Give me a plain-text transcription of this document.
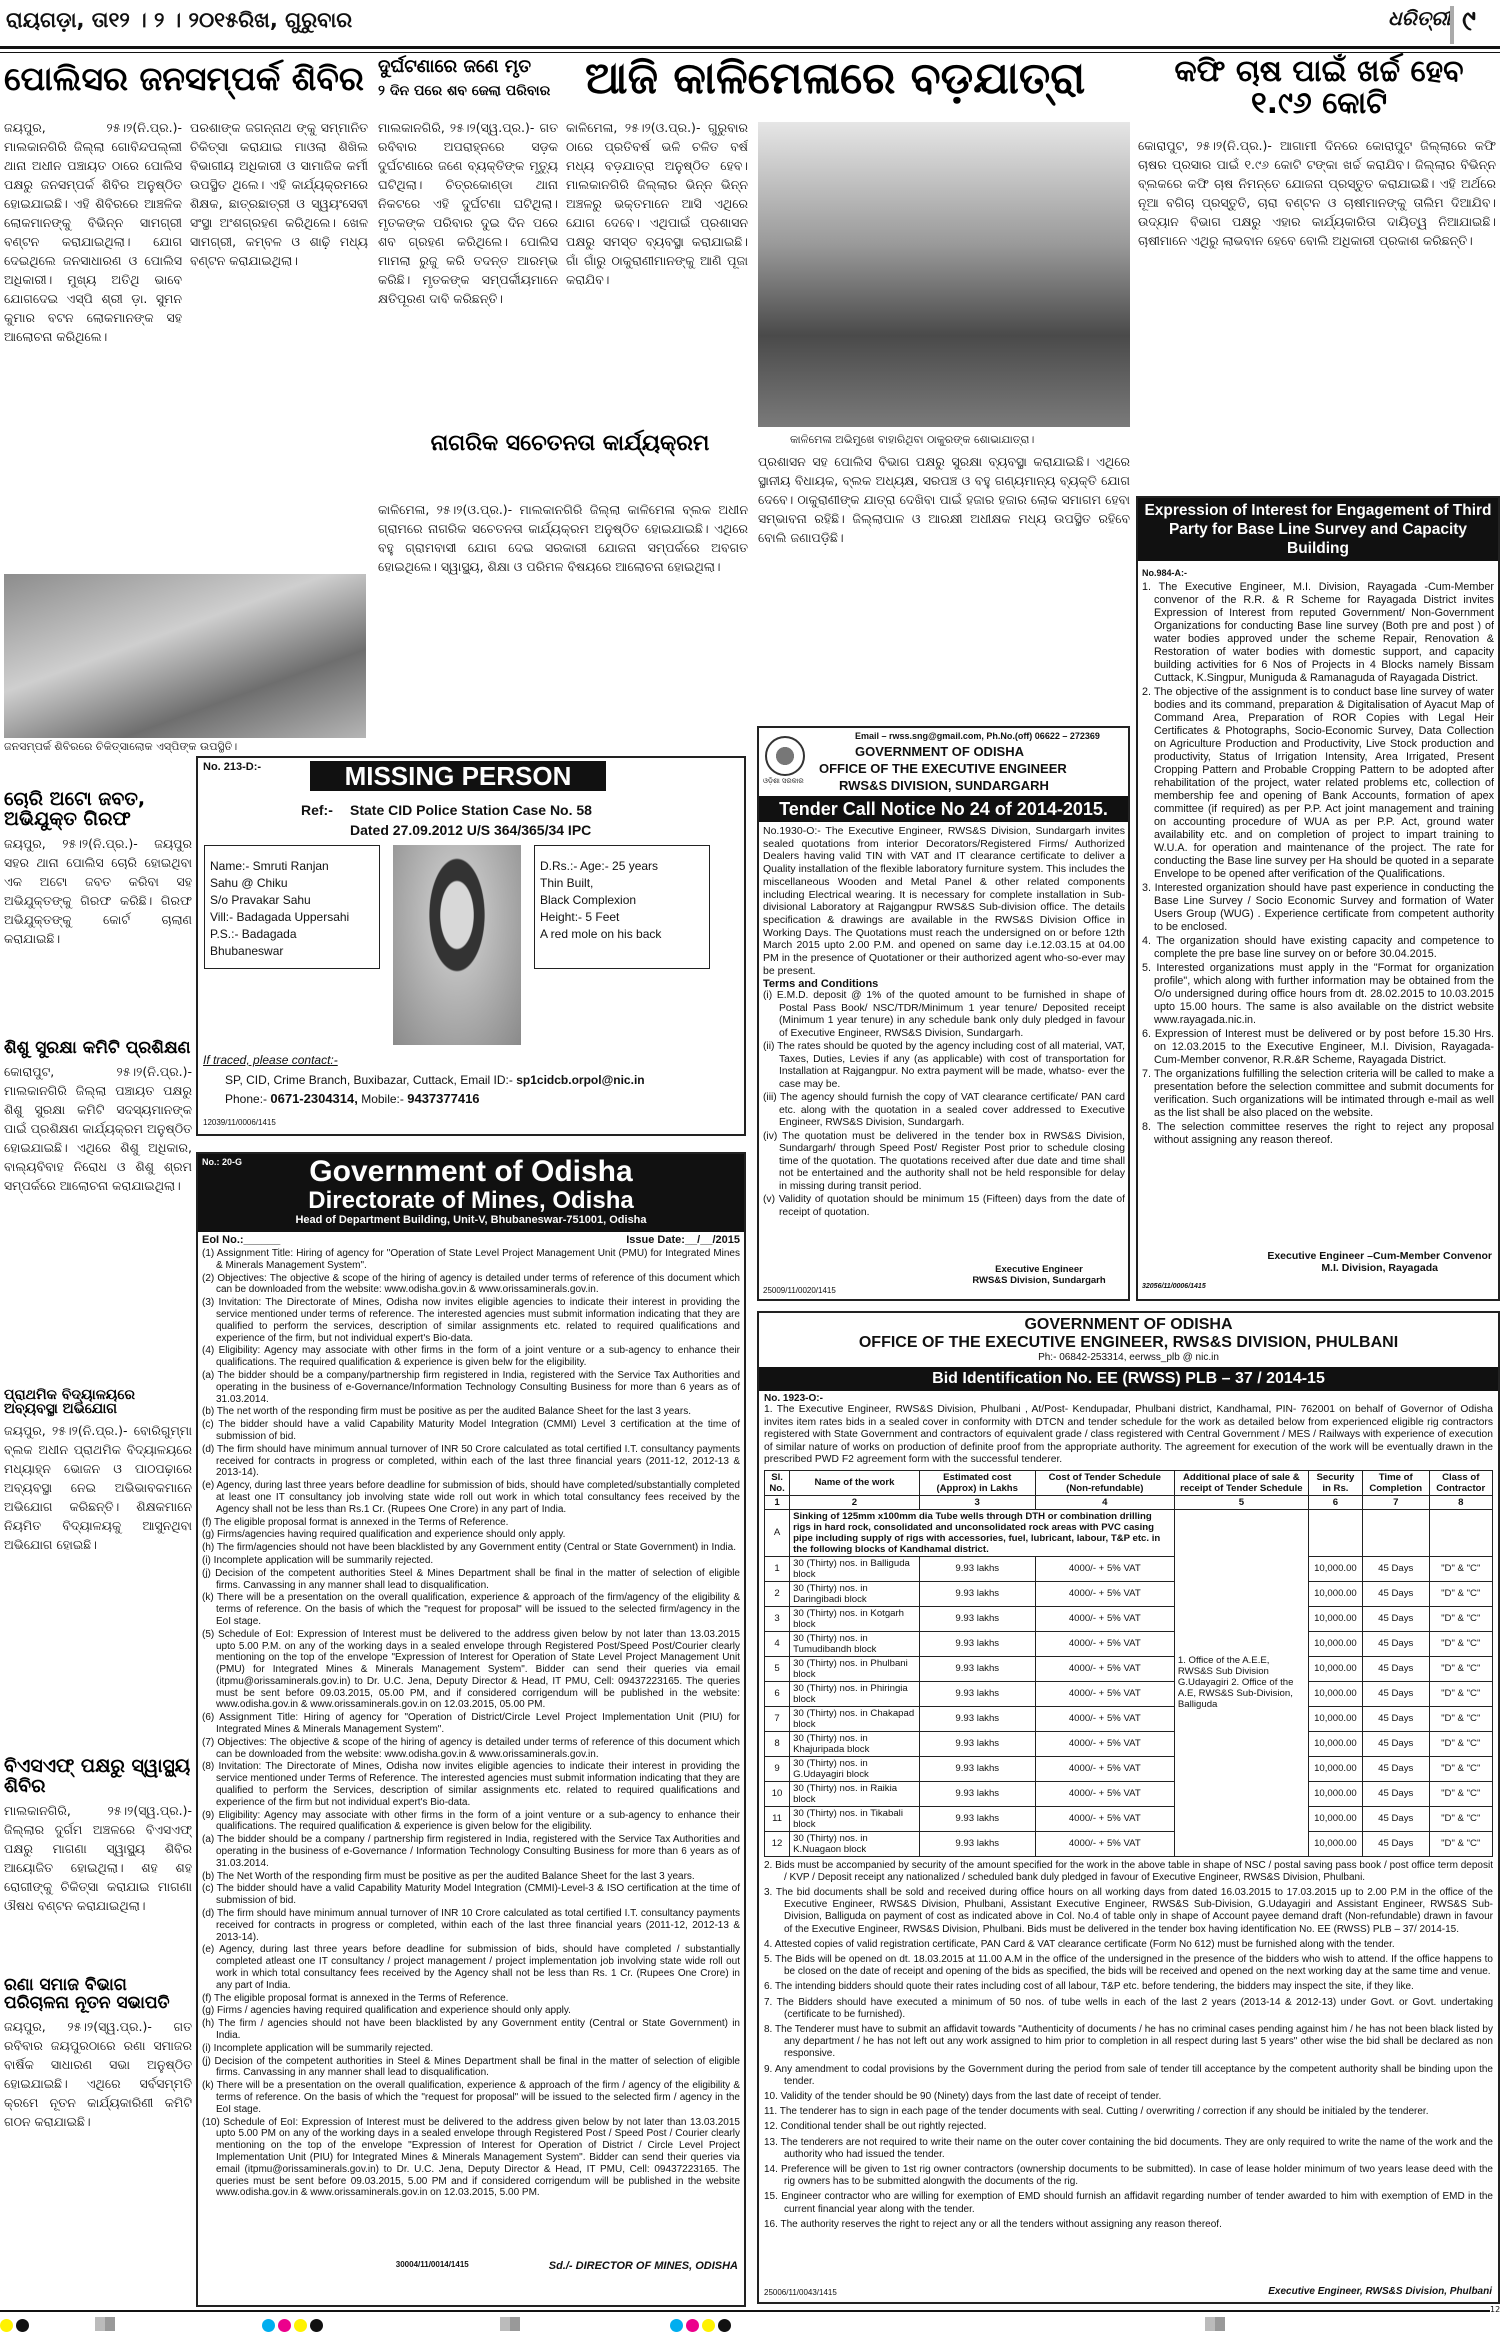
ରାୟଗଡ଼ା, ତା୧୨ । ୨ । ୨୦୧୫ରିଖ, ଗୁରୁବାର	ଧରିତ୍ରୀ ୯
ପୋଲିସର ଜନସମ୍ପର୍କ ଶିବିର
ଜୟପୁର, ୨୫।୨(ନି.ପ୍ର.)- ମାଲକାନଗିରି ଜିଲ୍ଲା ଗୋବିନ୍ଦପଲ୍ଲୀ ଥାନା ଅଧୀନ ପଞ୍ଚାୟତ ଠାରେ ପୋଲିସ ପକ୍ଷରୁ ଜନସମ୍ପର୍କ ଶିବିର ଅନୁଷ୍ଠିତ ହୋଇଯାଇଛି। ଏହି ଶିବିରରେ ଆଞ୍ଚଳିକ ଲୋକମାନଙ୍କୁ ବିଭିନ୍ନ ସାମଗ୍ରୀ ବଣ୍ଟନ କରାଯାଇଥିଲା। ଯୋଗ ଦେଇଥିଲେ ଜନସାଧାରଣ ଓ ପୋଲିସ ଅଧିକାରୀ। ମୁଖ୍ୟ ଅତିଥି ଭାବେ ଯୋଗଦେଇ ଏସ୍‌ପି ଶ୍ରୀ ଡ଼ା. ସୁମନ କୁମାର ବଟନ ଲୋକମାନଙ୍କ ସହ ଆଲୋଚନା କରିଥିଲେ।
ପରଶାଙ୍କ ଜଗନ୍ନାଥ ଙ୍କୁ ସମ୍ମାନିତ ଚିକିତ୍ସା କରାଯାଇ ମାଓଲା ଶିଖିଲ ବିଭାଗୀୟ ଅଧିକାରୀ ଓ ସାମାଜିକ କର୍ମୀ ଉପସ୍ଥିତ ଥିଲେ। ଏହି କାର୍ଯ୍ୟକ୍ରମରେ ଶିକ୍ଷକ, ଛାତ୍ରଛାତ୍ରୀ ଓ ସ୍ୱୟଂସେବୀ ସଂସ୍ଥା ଅଂଶଗ୍ରହଣ କରିଥିଲେ। ଖେଳ ସାମଗ୍ରୀ, କମ୍ବଳ ଓ ଶାଢ଼ି ମଧ୍ୟ ବଣ୍ଟନ କରାଯାଇଥିଲା।
ଜନସମ୍ପର୍କ ଶିବିରରେ ଚିକିତ୍ସାଲୋକ ଏସ୍‌ପିଙ୍କ ଉପସ୍ଥିତି।
ଦୁର୍ଘଟଣାରେ ଜଣେ ମୃତ
୨ ଦିନ ପରେ ଶବ ଜେଲା ପରିବାର
ମାଲକାନଗିରି, ୨୫।୨(ସ୍ୱ.ପ୍ର.)- ଗତ ରବିବାର ଅପରାହ୍ନରେ ସଡ଼କ ଦୁର୍ଘଟଣାରେ ଜଣେ ବ୍ୟକ୍ତିଙ୍କ ମୃତ୍ୟୁ ଘଟିଥିଲା। ଚିତ୍ରକୋଣ୍ଡା ଥାନା ନିକଟରେ ଏହି ଦୁର୍ଘଟଣା ଘଟିଥିଲା। ମୃତକଙ୍କ ପରିବାର ଦୁଇ ଦିନ ପରେ ଶବ ଗ୍ରହଣ କରିଥିଲେ। ପୋଲିସ ମାମଲା ରୁଜୁ କରି ତଦନ୍ତ ଆରମ୍ଭ କରିଛି। ମୃତକଙ୍କ ସମ୍ପର୍କୀୟମାନେ କ୍ଷତିପୂରଣ ଦାବି କରିଛନ୍ତି।
ଆଜି କାଳିମେଳାରେ ବଡ଼ଯାତ୍ରା
କାଳିମେଳା, ୨୫।୨(ଓ.ପ୍ର.)- ଗୁରୁବାର ଠାରେ ପ୍ରତିବର୍ଷ ଭଳି ଚଳିତ ବର୍ଷ ମଧ୍ୟ ବଡ଼ଯାତ୍ରା ଅନୁଷ୍ଠିତ ହେବ। ମାଲକାନଗିରି ଜିଲ୍ଲାର ଭିନ୍ନ ଭିନ୍ନ ଅଞ୍ଚଳରୁ ଭକ୍ତମାନେ ଆସି ଏଥିରେ ଯୋଗ ଦେବେ। ଏଥିପାଇଁ ପ୍ରଶାସନ ପକ୍ଷରୁ ସମସ୍ତ ବ୍ୟବସ୍ଥା କରାଯାଇଛି। ଗାଁ ଗାଁରୁ ଠାକୁରାଣୀମାନଙ୍କୁ ଆଣି ପୂଜା କରାଯିବ।
କାଳିମେଳା ଅଭିମୁଖେ ବାହାରିଥିବା ଠାକୁରଙ୍କ ଶୋଭାଯାତ୍ରା।
ପ୍ରଶାସନ ସହ ପୋଲିସ ବିଭାଗ ପକ୍ଷରୁ ସୁରକ୍ଷା ବ୍ୟବସ୍ଥା କରାଯାଇଛି। ଏଥିରେ ସ୍ଥାନୀୟ ବିଧାୟକ, ବ୍ଲକ ଅଧ୍ୟକ୍ଷ, ସରପଞ୍ଚ ଓ ବହୁ ଗଣ୍ୟମାନ୍ୟ ବ୍ୟକ୍ତି ଯୋଗ ଦେବେ। ଠାକୁରାଣୀଙ୍କ ଯାତ୍ରା ଦେଖିବା ପାଇଁ ହଜାର ହଜାର ଲୋକ ସମାଗମ ହେବା ସମ୍ଭାବନା ରହିଛି। ଜିଲ୍ଲାପାଳ ଓ ଆରକ୍ଷୀ ଅଧୀକ୍ଷକ ମଧ୍ୟ ଉପସ୍ଥିତ ରହିବେ ବୋଲି ଜଣାପଡ଼ିଛି।
ନାଗରିକ ସଚେତନତା କାର୍ଯ୍ୟକ୍ରମ
କାଳିମେଳା, ୨୫।୨(ଓ.ପ୍ର.)- ମାଲକାନଗିରି ଜିଲ୍ଲା କାଳିମେଳା ବ୍ଲକ ଅଧୀନ ଗ୍ରାମରେ ନାଗରିକ ସଚେତନତା କାର୍ଯ୍ୟକ୍ରମ ଅନୁଷ୍ଠିତ ହୋଇଯାଇଛି। ଏଥିରେ ବହୁ ଗ୍ରାମବାସୀ ଯୋଗ ଦେଇ ସରକାରୀ ଯୋଜନା ସମ୍ପର୍କରେ ଅବଗତ ହୋଇଥିଲେ। ସ୍ୱାସ୍ଥ୍ୟ, ଶିକ୍ଷା ଓ ପରିମଳ ବିଷୟରେ ଆଲୋଚନା ହୋଇଥିଲା।
କଫି ଚାଷ ପାଇଁ ଖର୍ଚ୍ଚ ହେବ ୧.୯୬ କୋଟି
କୋରାପୁଟ, ୨୫।୨(ନି.ପ୍ର.)- ଆଗାମୀ ଦିନରେ କୋରାପୁଟ ଜିଲ୍ଲାରେ କଫି ଚାଷର ପ୍ରସାର ପାଇଁ ୧.୯୬ କୋଟି ଟଙ୍କା ଖର୍ଚ୍ଚ କରାଯିବ। ଜିଲ୍ଲାର ବିଭିନ୍ନ ବ୍ଲକରେ କଫି ଚାଷ ନିମନ୍ତେ ଯୋଜନା ପ୍ରସ୍ତୁତ କରାଯାଇଛି। ଏହି ଅର୍ଥରେ ନୂଆ ବଗିଚା ପ୍ରସ୍ତୁତି, ଚାରା ବଣ୍ଟନ ଓ ଚାଷୀମାନଙ୍କୁ ତାଲିମ ଦିଆଯିବ। ଉଦ୍ୟାନ ବିଭାଗ ପକ୍ଷରୁ ଏହାର କାର୍ଯ୍ୟକାରିତା ଦାୟିତ୍ୱ ନିଆଯାଇଛି। ଚାଷୀମାନେ ଏଥିରୁ ଲାଭବାନ ହେବେ ବୋଲି ଅଧିକାରୀ ପ୍ରକାଶ କରିଛନ୍ତି।
ଚୋରି ଅଟୋ ଜବତ, ଅଭିଯୁକ୍ତ ଗିରଫ
ଜୟପୁର, ୨୫।୨(ନି.ପ୍ର.)- ଜୟପୁର ସହର ଥାନା ପୋଲିସ ଚୋରି ହୋଇଥିବା ଏକ ଅଟୋ ଜବତ କରିବା ସହ ଅଭିଯୁକ୍ତଙ୍କୁ ଗିରଫ କରିଛି। ଗିରଫ ଅଭିଯୁକ୍ତଙ୍କୁ କୋର୍ଟ ଚାଲାଣ କରାଯାଇଛି।
ଶିଶୁ ସୁରକ୍ଷା କମିଟି ପ୍ରଶିକ୍ଷଣ
କୋରାପୁଟ, ୨୫।୨(ନି.ପ୍ର.)- ମାଲକାନଗିରି ଜିଲ୍ଲା ପଞ୍ଚାୟତ ପକ୍ଷରୁ ଶିଶୁ ସୁରକ୍ଷା କମିଟି ସଦସ୍ୟମାନଙ୍କ ପାଇଁ ପ୍ରଶିକ୍ଷଣ କାର୍ଯ୍ୟକ୍ରମ ଅନୁଷ୍ଠିତ ହୋଇଯାଇଛି। ଏଥିରେ ଶିଶୁ ଅଧିକାର, ବାଲ୍ୟବିବାହ ନିରୋଧ ଓ ଶିଶୁ ଶ୍ରମ ସମ୍ପର୍କରେ ଆଲୋଚନା କରାଯାଇଥିଲା।
ପ୍ରାଥମିକ ବିଦ୍ୟାଳୟରେ ଅବ୍ୟବସ୍ଥା ଅଭିଯୋଗ
ଜୟପୁର, ୨୫।୨(ନି.ପ୍ର.)- ବୋରିଗୁମ୍ମା ବ୍ଲକ ଅଧୀନ ପ୍ରାଥମିକ ବିଦ୍ୟାଳୟରେ ମଧ୍ୟାହ୍ନ ଭୋଜନ ଓ ପାଠପଢ଼ାରେ ଅବ୍ୟବସ୍ଥା ନେଇ ଅଭିଭାବକମାନେ ଅଭିଯୋଗ କରିଛନ୍ତି। ଶିକ୍ଷକମାନେ ନିୟମିତ ବିଦ୍ୟାଳୟକୁ ଆସୁନଥିବା ଅଭିଯୋଗ ହୋଇଛି।
ବିଏସଏଫ୍ ପକ୍ଷରୁ ସ୍ୱାସ୍ଥ୍ୟ ଶିବିର
ମାଲକାନଗିରି, ୨୫।୨(ସ୍ୱ.ପ୍ର.)- ଜିଲ୍ଲାର ଦୁର୍ଗମ ଅଞ୍ଚଳରେ ବିଏସଏଫ୍ ପକ୍ଷରୁ ମାଗଣା ସ୍ୱାସ୍ଥ୍ୟ ଶିବିର ଆୟୋଜିତ ହୋଇଥିଲା। ଶହ ଶହ ରୋଗୀଙ୍କୁ ଚିକିତ୍ସା କରାଯାଇ ମାଗଣା ଔଷଧ ବଣ୍ଟନ କରାଯାଇଥିଲା।
ରଣା ସମାଜ ବିଭାଗ ପରିଚାଳନା ନୂତନ ସଭାପତି
ଜୟପୁର, ୨୫।୨(ସ୍ୱ.ପ୍ର.)- ଗତ ରବିବାର ଜୟପୁରଠାରେ ରଣା ସମାଜର ବାର୍ଷିକ ସାଧାରଣ ସଭା ଅନୁଷ୍ଠିତ ହୋଇଯାଇଛି। ଏଥିରେ ସର୍ବସମ୍ମତି କ୍ରମେ ନୂତନ କାର୍ଯ୍ୟକାରିଣୀ କମିଟି ଗଠନ କରାଯାଇଛି।
No. 213-D:-	MISSING PERSON
Ref:- State CID Police Station Case No. 58
Dated 27.09.2012 U/S 364/365/34 IPC
Name:- Smruti Ranjan
Sahu @ Chiku
S/o Pravakar Sahu
Vill:- Badagada Uppersahi
P.S.:- Badagada
Bhubaneswar
D.Rs.:- Age:- 25 years
Thin Built,
Black Complexion
Height:- 5 Feet
A red mole on his back
If traced, please contact:-
SP, CID, Crime Branch, Buxibazar, Cuttack, Email ID:- sp1cidcb.orpol@nic.in
Phone:- 0671-2304314, Mobile:- 9437377416
12039/11/0006/1415
No.: 20-G	Government of Odisha
Directorate of Mines, Odisha
Head of Department Building, Unit-V, Bhubaneswar-751001, Odisha
EoI No.:______	Issue Date:__/__/2015
(1) Assignment Title: Hiring of agency for "Operation of State Level Project Management Unit (PMU) for Integrated Mines & Minerals Management System".
(2) Objectives: The objective & scope of the hiring of agency is detailed under terms of reference of this document which can be downloaded from the website: www.odisha.gov.in & www.orissaminerals.gov.in.
(3) Invitation: The Directorate of Mines, Odisha now invites eligible agencies to indicate their interest in providing the service mentioned under terms of reference. The interested agencies must submit information indicating that they are qualified to perform the services, description of similar assignments etc. related to required qualifications and experience of the firm, but not individual expert's Bio-data.
(4) Eligibility: Agency may associate with other firms in the form of a joint venture or a sub-agency to enhance their qualifications. The required qualification & experience is given belw for the eligibility.
(a) The bidder should be a company/partnership firm registered in India, registered with the Service Tax Authorities and operating in the business of e-Governance/Information Technology Consulting Business for more than 6 years as of 31.03.2014.
(b) The net worth of the responding firm must be positive as per the audited Balance Sheet for the last 3 years.
(c) The bidder should have a valid Capability Maturity Model Integration (CMMI) Level 3 certification at the time of submission of bid.
(d) The firm should have minimum annual turnover of INR 50 Crore calculated as total certified I.T. consultancy payments received for contracts in progress or completed, within each of the last three financial years (2011-12, 2012-13 & 2013-14).
(e) Agency, during last three years before deadline for submission of bids, should have completed/substantially completed at least one IT consultancy job involving state wide roll out work in which total consultancy fees received by the Agency shall not be less than Rs.1 Cr. (Rupees One Crore) in any part of India.
(f) The eligible proposal format is annexed in the Terms of Reference.
(g) Firms/agencies having required qualification and experience should only apply.
(h) The firm/agencies should not have been blacklisted by any Government entity (Central or State Government) in India.
(i) Incomplete application will be summarily rejected.
(j) Decision of the competent authorities Steel & Mines Department shall be final in the matter of selection of eligible firms. Canvassing in any manner shall lead to disqualification.
(k) There will be a presentation on the overall qualification, experience & approach of the firm/agency of the eligibility & terms of reference. On the basis of which the "request for proposal" will be issued to the selected firm/agency in the EoI stage.
(5) Schedule of EoI: Expression of Interest must be delivered to the address given below by not later than 13.03.2015 upto 5.00 P.M. on any of the working days in a sealed envelope through Registered Post/Speed Post/Courier clearly mentioning on the top of the envelope "Expression of Interest for Operation of State Level Project Management Unit (PMU) for Integrated Mines & Minerals Management System". Bidder can send their queries via email (itpmu@orissaminerals.gov.in) to Dr. U.C. Jena, Deputy Director & Head, IT PMU, Cell: 09437223165. The queries must be sent before 09.03.2015, 05.00 PM, and if considered corrigendum will be published in the website: www.odisha.gov.in & www.orissaminerals.gov.in on 12.03.2015, 05.00 PM.
(6) Assignment Title: Hiring of agency for "Operation of District/Circle Level Project Implementation Unit (PIU) for Integrated Mines & Minerals Management System".
(7) Objectives: The objective & scope of the hiring of agency is detailed under terms of reference of this document which can be downloaded from the website: www.odisha.gov.in & www.orissaminerals.gov.in.
(8) Invitation: The Directorate of Mines, Odisha now invites eligible agencies to indicate their interest in providing the service mentioned under Terms of Reference. The interested agencies must submit information indicating that they are qualified to perform the Services, description of similar assignments etc. related to required qualifications and experience of the firm but not individual expert's Bio-data.
(9) Eligibility: Agency may associate with other firms in the form of a joint venture or a sub-agency to enhance their qualifications. The required qualification & experience is given below for the eligibility.
(a) The bidder should be a company / partnership firm registered in India, registered with the Service Tax Authorities and operating in the business of e-Governance / Information Technology Consulting Business for more than 6 years as of 31.03.2014.
(b) The Net Worth of the responding firm must be positive as per the audited Balance Sheet for the last 3 years.
(c) The bidder should have a valid Capability Maturity Model Integration (CMMI)-Level-3 & ISO certification at the time of submission of bid.
(d) The firm should have minimum annual turnover of INR 10 Crore calculated as total certified I.T. consultancy payments received for contracts in progress or completed, within each of the last three financial years (2011-12, 2012-13 & 2013-14).
(e) Agency, during last three years before deadline for submission of bids, should have completed / substantially completed atleast one IT consultancy / project management / project implementation job involving state wide roll out work in which total consultancy fees received by the Agency shall not be less than Rs. 1 Cr. (Rupees One Crore) in any part of India.
(f) The eligible proposal format is annexed in the Terms of Reference.
(g) Firms / agencies having required qualification and experience should only apply.
(h) The firm / agencies should not have been blacklisted by any Government entity (Central or State Government) in India.
(i) Incomplete application will be summarily rejected.
(j) Decision of the competent authorities in Steel & Mines Department shall be final in the matter of selection of eligible firms. Canvassing in any manner shall lead to disqualification.
(k) There will be a presentation on the overall qualification, experience & approach of the firm / agency of the eligibility & terms of reference. On the basis of which the "request for proposal" will be issued to the selected firm / agency in the EoI stage.
(10) Schedule of EoI: Expression of Interest must be delivered to the address given below by not later than 13.03.2015 upto 5.00 PM on any of the working days in a sealed envelope through Registered Post / Speed Post / Courier clearly mentioning on the top of the envelope "Expression of Interest for Operation of District / Circle Level Project Implementation Unit (PIU) for Integrated Mines & Minerals Management System". Bidder can send their queries via email (itpmu@orissaminerals.gov.in) to Dr. U.C. Jena, Deputy Director & Head, IT PMU, Cell: 09437223165. The queries must be sent before 09.03.2015, 5.00 PM and if considered corrigendum will be published in the website www.odisha.gov.in & www.orissaminerals.gov.in on 12.03.2015, 5.00 PM.
30004/11/0014/1415	Sd./- DIRECTOR OF MINES, ODISHA
ଓଡ଼ିଶା ସରକାର
Email – rwss.sng@gmail.com, Ph.No.(off) 06622 – 272369
GOVERNMENT OF ODISHA
OFFICE OF THE EXECUTIVE ENGINEER
RWS&S DIVISION, SUNDARGARH
Tender Call Notice No 24 of 2014-2015.
No.1930-O:- The Executive Engineer, RWS&S Division, Sundargarh invites sealed quotations from interior Decorators/Registered Firms/ Authorized Dealers having valid TIN with VAT and IT clearance certificate to deliver a Quality installation of the flexible laboratory furniture system. This includes the miscellaneous Wooden and Metal Panel & other related components including Electrical wearing. It is necessary for complete installation in Sub-divisional Laboratory at Rajgangpur RWS&S Sub-division office. The details specification & drawings are available in the RWS&S Division Office in Working Days. The Quotations must reach the undersigned on or before 12th March 2015 upto 2.00 P.M. and opened on same day i.e.12.03.15 at 04.00 PM in the presence of Quotationer or their authorized agent who-so-ever may be present.
Terms and Conditions
(i) E.M.D. deposit @ 1% of the quoted amount to be furnished in shape of Postal Pass Book/ NSC/TDR/Minimum 1 year tenure/ Deposited receipt (Minimum 1 year tenure) in any schedule bank only duly pledged in favour of Executive Engineer, RWS&S Division, Sundargarh.
(ii) The rates should be quoted by the agency including cost of all material, VAT, Taxes, Duties, Levies if any (as applicable) with cost of transportation for Installation at Rajgangpur. No extra payment will be made, whatso- ever the case may be.
(iii) The agency should furnish the copy of VAT clearance certificate/ PAN card etc. along with the quotation in a sealed cover addressed to Executive Engineer, RWS&S Division, Sundargarh.
(iv) The quotation must be delivered in the tender box in RWS&S Division, Sundargarh/ through Speed Post/ Register Post prior to schedule closing time of the quotation. The quotations received after due date and time shall not be entertained and the authority shall not be held responsible for delay in missing during transit period.
(v) Validity of quotation should be minimum 15 (Fifteen) days from the date of receipt of quotation.
25009/11/0020/1415
Executive Engineer
RWS&S Division, Sundargarh
Expression of Interest for Engagement of Third Party for Base Line Survey and Capacity Building
No.984-A:-
1. The Executive Engineer, M.I. Division, Rayagada -Cum-Member convenor of the R.R. & R Scheme for Rayagada District invites Expression of Interest from reputed Government/ Non-Government Organizations for conducting Base line survey (Both pre and post ) of water bodies approved under the scheme Repair, Renovation & Restoration of water bodies with domestic support, and capacity building activities for 6 Nos of Projects in 4 Blocks namely Bissam Cuttack, K.Singpur, Muniguda & Ramanaguda of Rayagada District.
2. The objective of the assignment is to conduct base line survey of water bodies and its command, preparation & Digitalisation of Ayacut Map of Command Area, Preparation of ROR Copies with Legal Heir Certificates & Photographs, Socio-Economic Survey, Data Collection on Agriculture Production and Productivity, Live Stock production and productivity, Status of Irrigation Intensity, Area Irrigated, Present Cropping Pattern and Probable Cropping Pattern to be adopted after rehabilitation of the project, water related problems etc, collection of membership fee and opening of Bank Accounts, formation of apex committee (if required) as per P.P. Act joint management and training on accounting procedure of WUA as per P.P. Act, ground water availability etc. and on completion of project to impart training to W.U.A. for operation and maintenance of the project. The rate for conducting the Base line survey per Ha should be quoted in a separate Envelope to be opened after verification of the Qualifications.
3. Interested organization should have past experience in conducting the Base Line Survey / Socio Economic Survey and formation of Water Users Group (WUG) . Experience certificate from competent authority to be enclosed.
4. The organization should have existing capacity and competence to complete the pre base line survey on or before 30.04.2015.
5. Interested organizations must apply in the "Format for organization profile", which along with further information may be obtained from the O/o undersigned during office hours from dt. 28.02.2015 to 10.03.2015 upto 15.00 hours. The same is also available on the district website www.rayagada.nic.in.
6. Expression of Interest must be delivered or by post before 15.30 Hrs. on 12.03.2015 to the Executive Engineer, M.I. Division, Rayagada-Cum-Member convenor, R.R.&R Scheme, Rayagada District.
7. The organizations fulfilling the selection criteria will be called to make a presentation before the selection committee and submit documents for verification. Such organizations will be intimated through e-mail as well as the list shall be also placed on the website.
8. The selection committee reserves the right to reject any proposal without assigning any reason thereof.
Executive Engineer –Cum-Member Convenor
M.I. Division, Rayagada
32056/11/0006/1415
GOVERNMENT OF ODISHA
OFFICE OF THE EXECUTIVE ENGINEER, RWS&S DIVISION, PHULBANI
Ph:- 06842-253314, eerwss_plb @ nic.in
Bid Identification No. EE (RWSS) PLB – 37 / 2014-15
No. 1923-O:-
1. The Executive Engineer, RWS&S Division, Phulbani , At/Post- Kendupadar, Phulbani district, Kandhamal, PIN- 762001 on behalf of Governor of Odisha invites item rates bids in a sealed cover in conformity with DTCN and tender schedule for the work as detailed below from experienced eligible rig contractors registered with State Government and contractors of equivalent grade / class registered with Central Government / MES / Railways with experience of execution of similar nature of works on production of definite proof from the appropriate authority. The agreement for execution of the work will be eventually drawn in the prescribed PWD F2 agreement form with the successful tenderer.
Sl. No.	Name of the work	Estimated cost (Approx) in Lakhs	Cost of Tender Schedule (Non-refundable)	Additional place of sale & receipt of Tender Schedule	Security in Rs.	Time of Completion	Class of Contractor
1	2	3	4	5	6	7	8
A	Sinking of 125mm x100mm dia Tube wells through DTH or combination drilling rigs in hard rock, consolidated and unconsolidated rock areas with PVC casing pipe including supply of rigs with accessories, fuel, lubricant, labour, T&P etc. in the following blocks of Kandhamal district.			1. Office of the A.E.E, RWS&S Sub Division G.Udayagiri 2. Office of the A.E, RWS&S Sub-Division, Balliguda			
1	30 (Thirty) nos. in Balliguda block	9.93 lakhs	4000/- + 5% VAT		10,000.00	45 Days	"D" & "C"
2	30 (Thirty) nos. in Daringibadi block	9.93 lakhs	4000/- + 5% VAT		10,000.00	45 Days	"D" & "C"
3	30 (Thirty) nos. in Kotgarh block	9.93 lakhs	4000/- + 5% VAT		10,000.00	45 Days	"D" & "C"
4	30 (Thirty) nos. in Tumudibandh block	9.93 lakhs	4000/- + 5% VAT		10,000.00	45 Days	"D" & "C"
5	30 (Thirty) nos. in Phulbani block	9.93 lakhs	4000/- + 5% VAT		10,000.00	45 Days	"D" & "C"
6	30 (Thirty) nos. in Phiringia block	9.93 lakhs	4000/- + 5% VAT		10,000.00	45 Days	"D" & "C"
7	30 (Thirty) nos. in Chakapad block	9.93 lakhs	4000/- + 5% VAT		10,000.00	45 Days	"D" & "C"
8	30 (Thirty) nos. in Khajuripada block	9.93 lakhs	4000/- + 5% VAT		10,000.00	45 Days	"D" & "C"
9	30 (Thirty) nos. in G.Udayagiri block	9.93 lakhs	4000/- + 5% VAT		10,000.00	45 Days	"D" & "C"
10	30 (Thirty) nos. in Raikia block	9.93 lakhs	4000/- + 5% VAT		10,000.00	45 Days	"D" & "C"
11	30 (Thirty) nos. in Tikabali block	9.93 lakhs	4000/- + 5% VAT		10,000.00	45 Days	"D" & "C"
12	30 (Thirty) nos. in K.Nuagaon block	9.93 lakhs	4000/- + 5% VAT		10,000.00	45 Days	"D" & "C"
2. Bids must be accompanied by security of the amount specified for the work in the above table in shape of NSC / postal saving pass book / post office term deposit / KVP / Deposit receipt any nationalized / scheduled bank duly pledged in favour of Executive Engineer, RWS&S Division, Phulbani.
3. The bid documents shall be sold and received during office hours on all working days from dated 16.03.2015 to 17.03.2015 up to 2.00 P.M in the office of the Executive Engineer, RWS&S Division, Phulbani, Assistant Executive Engineer, RWS&S Sub-Division, G.Udayagiri and Assistant Engineer, RWS&S Sub-Division, Balliguda on payment of cost as indicated above in Col. No.4 of table only in shape of Account payee demand draft (Non-refundable) drawn in favour of the Executive Engineer, RWS&S Division, Phulbani. Bids must be delivered in the tender box having identification No. EE (RWSS) PLB – 37/ 2014-15.
4. Attested copies of valid registration certificate, PAN Card & VAT clearance certificate (Form No 612) must be furnished along with the tender.
5. The Bids will be opened on dt. 18.03.2015 at 11.00 A.M in the office of the undersigned in the presence of the bidders who wish to attend. If the office happens to be closed on the date of receipt and opening of the bids as specified, the bids will be received and opened on the next working day at the same time and venue.
6. The intending bidders should quote their rates including cost of all labour, T&P etc. before tendering, the bidders may inspect the site, if they like.
7. The Bidders should have executed a minimum of 50 nos. of tube wells in each of the last 2 years (2013-14 & 2012-13) under Govt. or Govt. undertaking (certificate to be furnished).
8. The Tenderer must have to submit an affidavit towards "Authenticity of documents / he has no criminal cases pending against him / he has not been black listed by any department / he has not left out any work assigned to him prior to completion in all respect during last 5 years" other wise the bid shall be declared as non responsive.
9. Any amendment to codal provisions by the Government during the period from sale of tender till acceptance by the competent authority shall be binding upon the tender.
10. Validity of the tender should be 90 (Ninety) days from the last date of receipt of tender.
11. The tenderer has to sign in each page of the tender documents with seal. Cutting / overwriting / correction if any should be initialed by the tenderer.
12. Conditional tender shall be out rightly rejected.
13. The tenderers are not required to write their name on the outer cover containing the bid documents. They are only required to write the name of the work and the authority who had issued the tender.
14. Preference will be given to 1st rig owner contractors (ownership documents to be submitted). In case of lease holder minimum of two years lease deed with the rig owners has to be submitted alongwith the documents of the rig.
15. Engineer contractor who are willing for exemption of EMD should furnish an affidavit regarding number of tender awarded to him with exemption of EMD in the current financial year along with the tender.
16. The authority reserves the right to reject any or all the tenders without assigning any reason thereof.
25006/11/0043/1415	Executive Engineer, RWS&S Division, Phulbani
12
